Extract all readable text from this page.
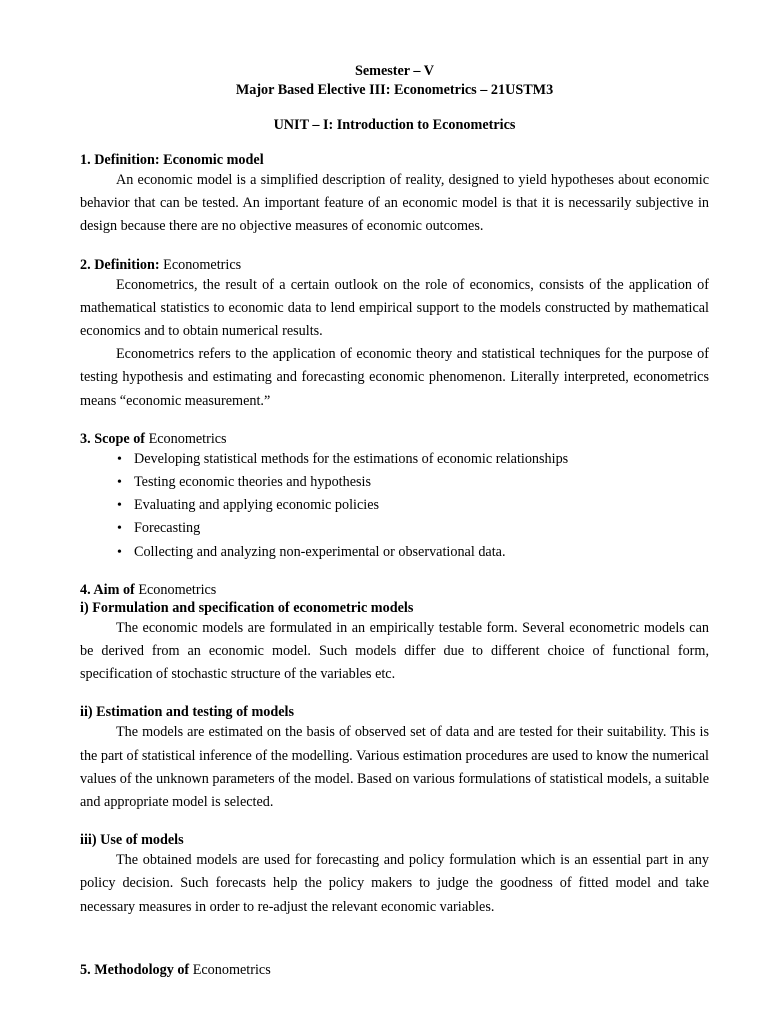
Semester – V
Major Based Elective III: Econometrics – 21USTM3
UNIT – I: Introduction to Econometrics
1. Definition: Economic model

An economic model is a simplified description of reality, designed to yield hypotheses about economic behavior that can be tested. An important feature of an economic model is that it is necessarily subjective in design because there are no objective measures of economic outcomes.

2. Definition: Econometrics

Econometrics, the result of a certain outlook on the role of economics, consists of the application of mathematical statistics to economic data to lend empirical support to the models constructed by mathematical economics and to obtain numerical results.

Econometrics refers to the application of economic theory and statistical techniques for the purpose of testing hypothesis and estimating and forecasting economic phenomenon. Literally interpreted, econometrics means “economic measurement.”

3. Scope of Econometrics
• Developing statistical methods for the estimations of economic relationships
• Testing economic theories and hypothesis
• Evaluating and applying economic policies
• Forecasting
• Collecting and analyzing non-experimental or observational data.
4. Aim of Econometrics
i) Formulation and specification of econometric models

The economic models are formulated in an empirically testable form. Several econometric models can be derived from an economic model. Such models differ due to different choice of functional form, specification of stochastic structure of the variables etc.

ii) Estimation and testing of models

The models are estimated on the basis of observed set of data and are tested for their suitability. This is the part of statistical inference of the modelling. Various estimation procedures are used to know the numerical values of the unknown parameters of the model. Based on various formulations of statistical models, a suitable and appropriate model is selected.

iii) Use of models

The obtained models are used for forecasting and policy formulation which is an essential part in any policy decision. Such forecasts help the policy makers to judge the goodness of fitted model and take necessary measures in order to re-adjust the relevant economic variables.

5. Methodology of Econometrics
